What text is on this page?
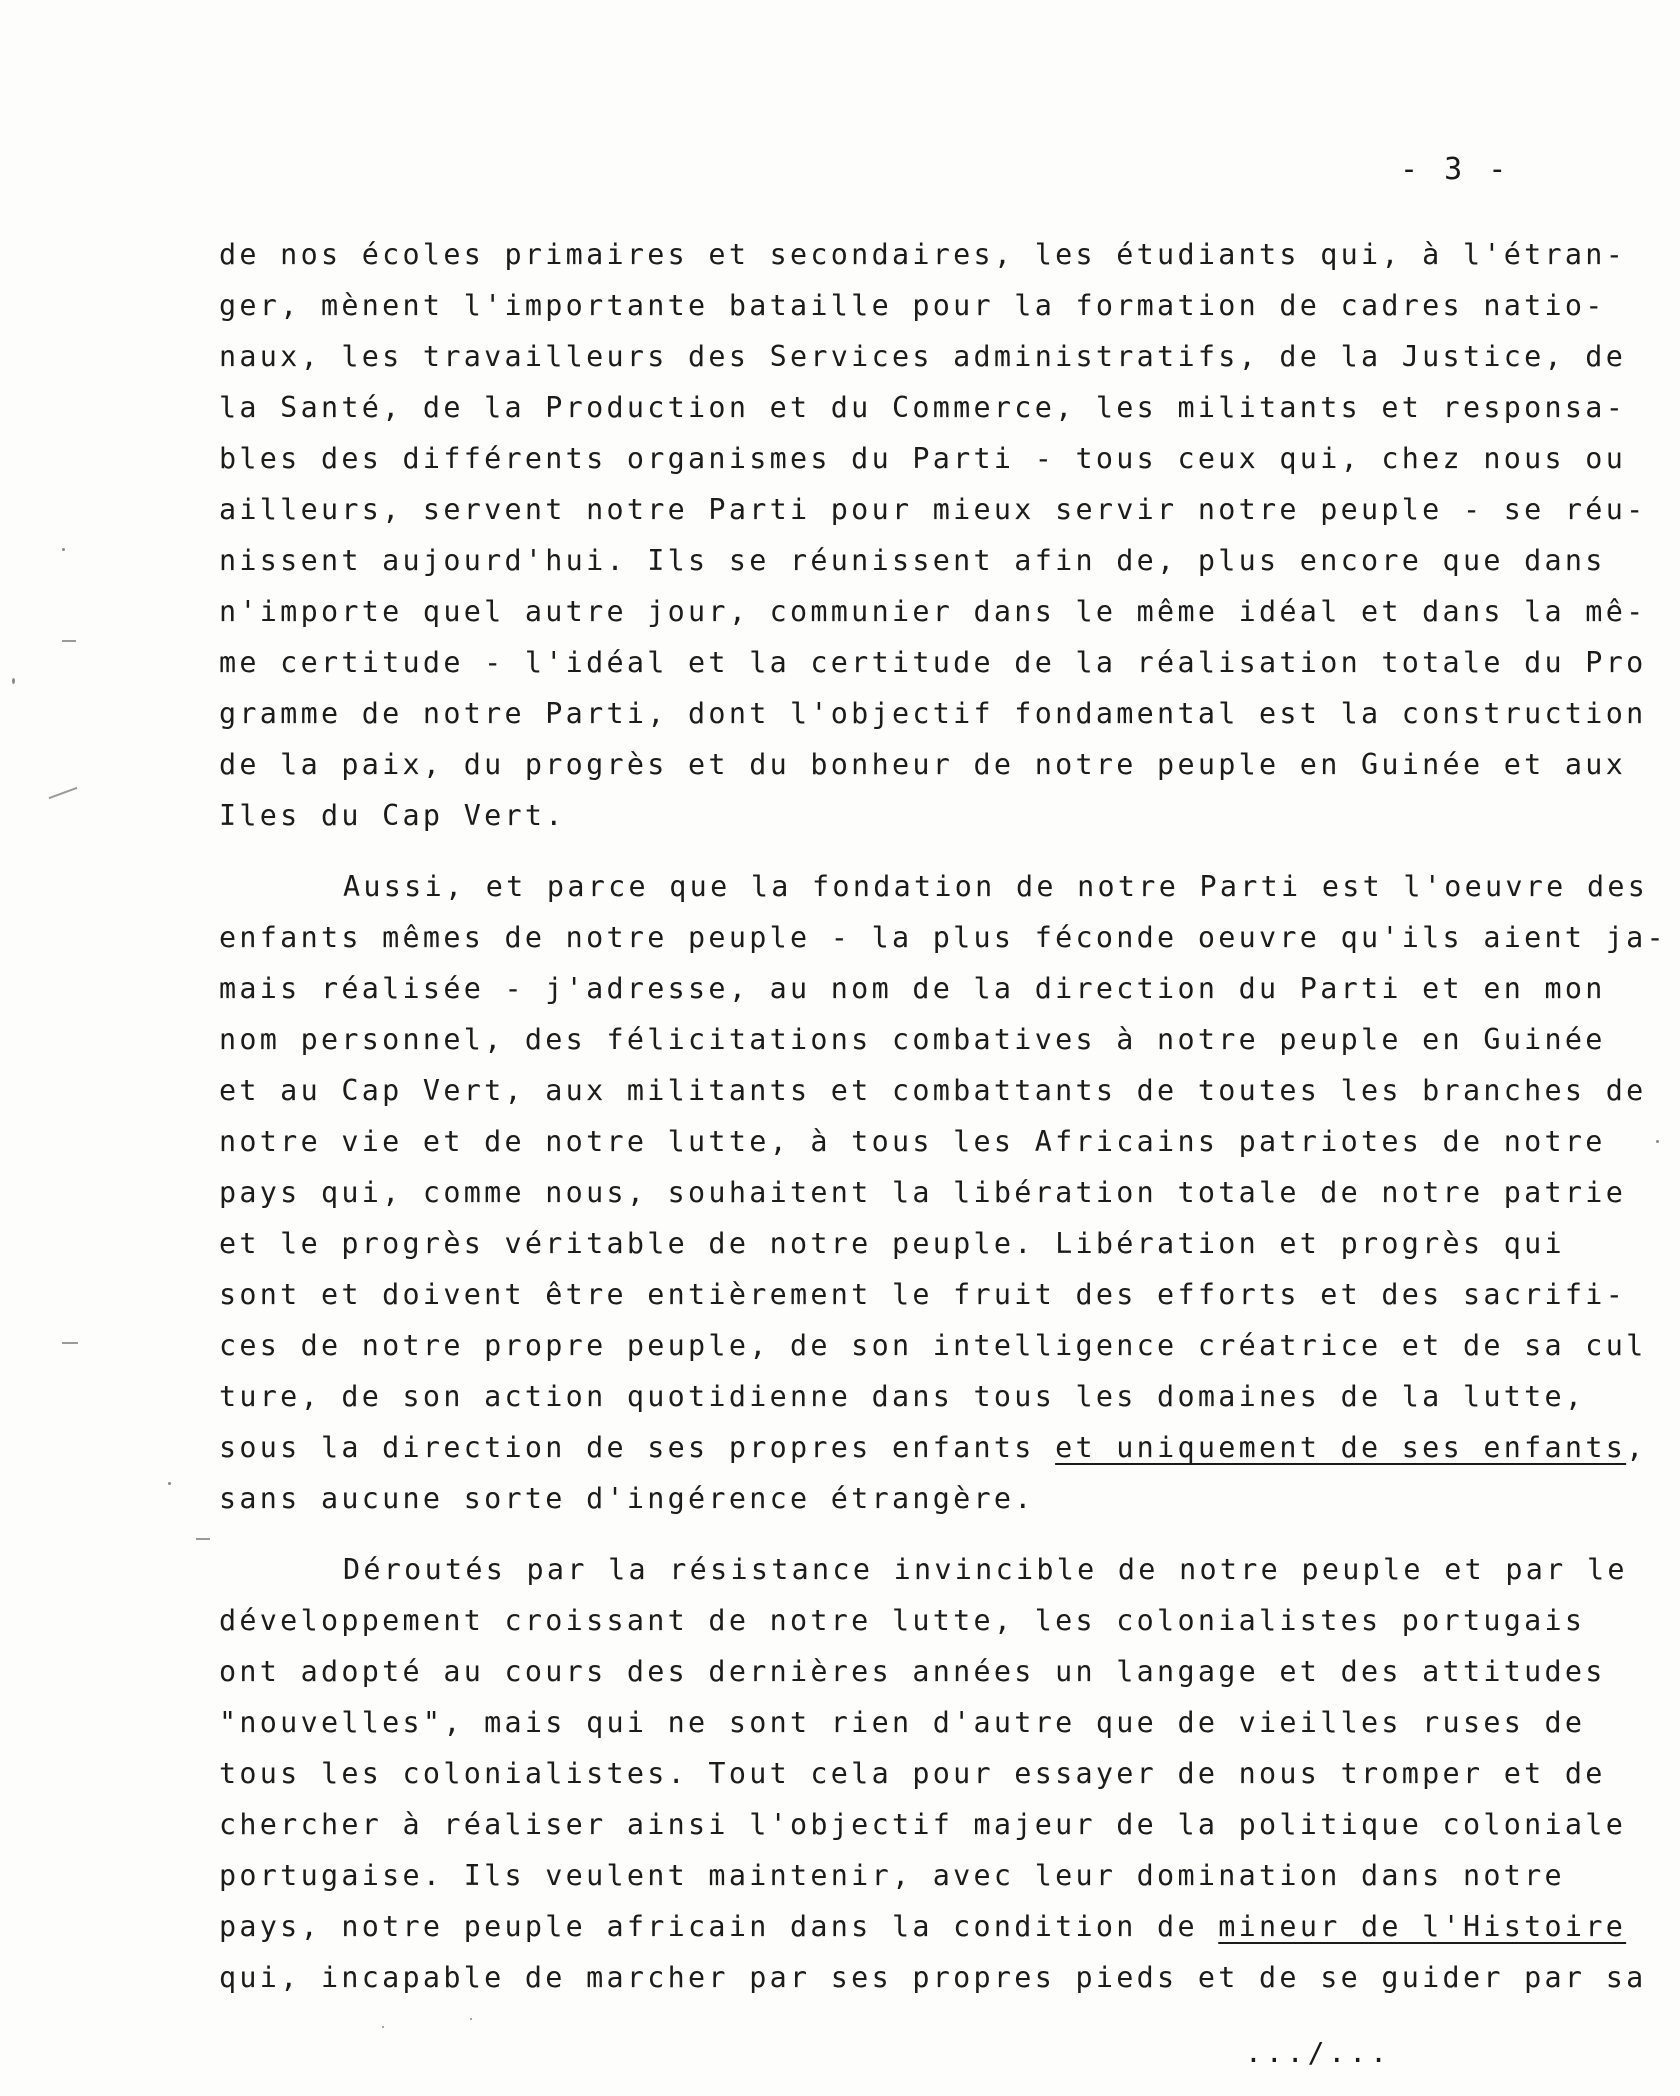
- 3 -

de nos écoles primaires et secondaires, les étudiants qui, à l'étran-
ger, mènent l'importante bataille pour la formation de cadres natio-
naux, les travailleurs des Services administratifs, de la Justice, de
la Santé, de la Production et du Commerce, les militants et responsa-
bles des différents organismes du Parti - tous ceux qui, chez nous ou
ailleurs, servent notre Parti pour mieux servir notre peuple - se réu-
nissent aujourd'hui. Ils se réunissent afin de, plus encore que dans
n'importe quel autre jour, communier dans le même idéal et dans la mê-
me certitude - l'idéal et la certitude de la réalisation totale du Pro
gramme de notre Parti, dont l'objectif fondamental est la construction
de la paix, du progrès et du bonheur de notre peuple en Guinée et aux
Iles du Cap Vert.

Aussi, et parce que la fondation de notre Parti est l'oeuvre des
enfants mêmes de notre peuple - la plus féconde oeuvre qu'ils aient ja-
mais réalisée - j'adresse, au nom de la direction du Parti et en mon
nom personnel, des félicitations combatives à notre peuple en Guinée
et au Cap Vert, aux militants et combattants de toutes les branches de
notre vie et de notre lutte, à tous les Africains patriotes de notre
pays qui, comme nous, souhaitent la libération totale de notre patrie
et le progrès véritable de notre peuple. Libération et progrès qui
sont et doivent être entièrement le fruit des efforts et des sacrifi-
ces de notre propre peuple, de son intelligence créatrice et de sa cul
ture, de son action quotidienne dans tous les domaines de la lutte,
sous la direction de ses propres enfants et uniquement de ses enfants,
sans aucune sorte d'ingérence étrangère.

Déroutés par la résistance invincible de notre peuple et par le
développement croissant de notre lutte, les colonialistes portugais
ont adopté au cours des dernières années un langage et des attitudes
"nouvelles", mais qui ne sont rien d'autre que de vieilles ruses de
tous les colonialistes. Tout cela pour essayer de nous tromper et de
chercher à réaliser ainsi l'objectif majeur de la politique coloniale
portugaise. Ils veulent maintenir, avec leur domination dans notre
pays, notre peuple africain dans la condition de mineur de l'Histoire
qui, incapable de marcher par ses propres pieds et de se guider par sa

.../...
